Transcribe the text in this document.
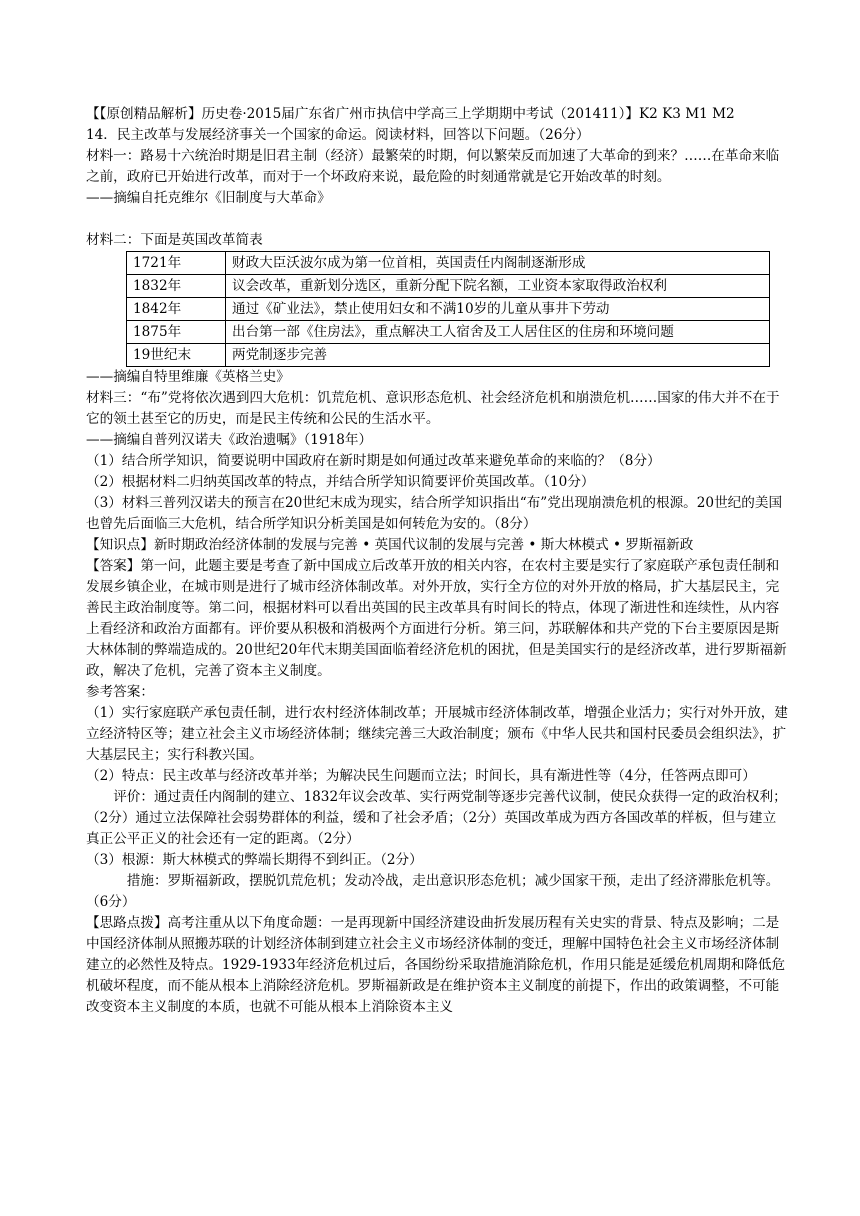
【【原创精品解析】历史卷·2015届广东省广州市执信中学高三上学期期中考试（201411）】K2 K3 M1 M2

14．民主改革与发展经济事关一个国家的命运。阅读材料，回答以下问题。（26分）

材料一：路易十六统治时期是旧君主制（经济）最繁荣的时期，何以繁荣反而加速了大革命的到来？……在革命来临之前，政府已开始进行改革，而对于一个坏政府来说，最危险的时刻通常就是它开始改革的时刻。

——摘编自托克维尔《旧制度与大革命》

材料二：下面是英国改革简表

1721年	财政大臣沃波尔成为第一位首相，英国责任内阁制逐渐形成
1832年	议会改革，重新划分选区，重新分配下院名额，工业资本家取得政治权利
1842年	通过《矿业法》，禁止使用妇女和不满10岁的儿童从事井下劳动
1875年	出台第一部《住房法》，重点解决工人宿舍及工人居住区的住房和环境问题
19世纪末	两党制逐步完善

——摘编自特里维廉《英格兰史》

材料三：“布”党将依次遇到四大危机：饥荒危机、意识形态危机、社会经济危机和崩溃危机……国家的伟大并不在于它的领土甚至它的历史，而是民主传统和公民的生活水平。

——摘编自普列汉诺夫《政治遗嘱》（1918年）

（1）结合所学知识，简要说明中国政府在新时期是如何通过改革来避免革命的来临的？（8分）

（2）根据材料二归纳英国改革的特点，并结合所学知识简要评价英国改革。（10分）

（3）材料三普列汉诺夫的预言在20世纪末成为现实，结合所学知识指出“布”党出现崩溃危机的根源。20世纪的美国也曾先后面临三大危机，结合所学知识分析美国是如何转危为安的。（8分）

【知识点】新时期政治经济体制的发展与完善 • 英国代议制的发展与完善 • 斯大林模式 • 罗斯福新政

【答案】第一问，此题主要是考查了新中国成立后改革开放的相关内容，在农村主要是实行了家庭联产承包责任制和发展乡镇企业，在城市则是进行了城市经济体制改革。对外开放，实行全方位的对外开放的格局，扩大基层民主，完善民主政治制度等。第二问，根据材料可以看出英国的民主改革具有时间长的特点，体现了渐进性和连续性，从内容上看经济和政治方面都有。评价要从积极和消极两个方面进行分析。第三问，苏联解体和共产党的下台主要原因是斯大林体制的弊端造成的。20世纪20年代末期美国面临着经济危机的困扰，但是美国实行的是经济改革，进行罗斯福新政，解决了危机，完善了资本主义制度。

参考答案：

（1）实行家庭联产承包责任制，进行农村经济体制改革；开展城市经济体制改革，增强企业活力；实行对外开放，建立经济特区等；建立社会主义市场经济体制；继续完善三大政治制度；颁布《中华人民共和国村民委员会组织法》，扩大基层民主；实行科教兴国。

（2）特点：民主改革与经济改革并举；为解决民生问题而立法；时间长，具有渐进性等（4分，任答两点即可）

评价：通过责任内阁制的建立、1832年议会改革、实行两党制等逐步完善代议制，使民众获得一定的政治权利；（2分）通过立法保障社会弱势群体的利益，缓和了社会矛盾；（2分）英国改革成为西方各国改革的样板，但与建立真正公平正义的社会还有一定的距离。（2分）

（3）根源：斯大林模式的弊端长期得不到纠正。（2分）

措施：罗斯福新政，摆脱饥荒危机；发动冷战，走出意识形态危机；减少国家干预，走出了经济滞胀危机等。（6分）

【思路点拨】高考注重从以下角度命题：一是再现新中国经济建设曲折发展历程有关史实的背景、特点及影响；二是中国经济体制从照搬苏联的计划经济体制到建立社会主义市场经济体制的变迁，理解中国特色社会主义市场经济体制建立的必然性及特点。1929-1933年经济危机过后，各国纷纷采取措施消除危机，作用只能是延缓危机周期和降低危机破坏程度，而不能从根本上消除经济危机。罗斯福新政是在维护资本主义制度的前提下，作出的政策调整，不可能改变资本主义制度的本质，也就不可能从根本上消除资本主义
